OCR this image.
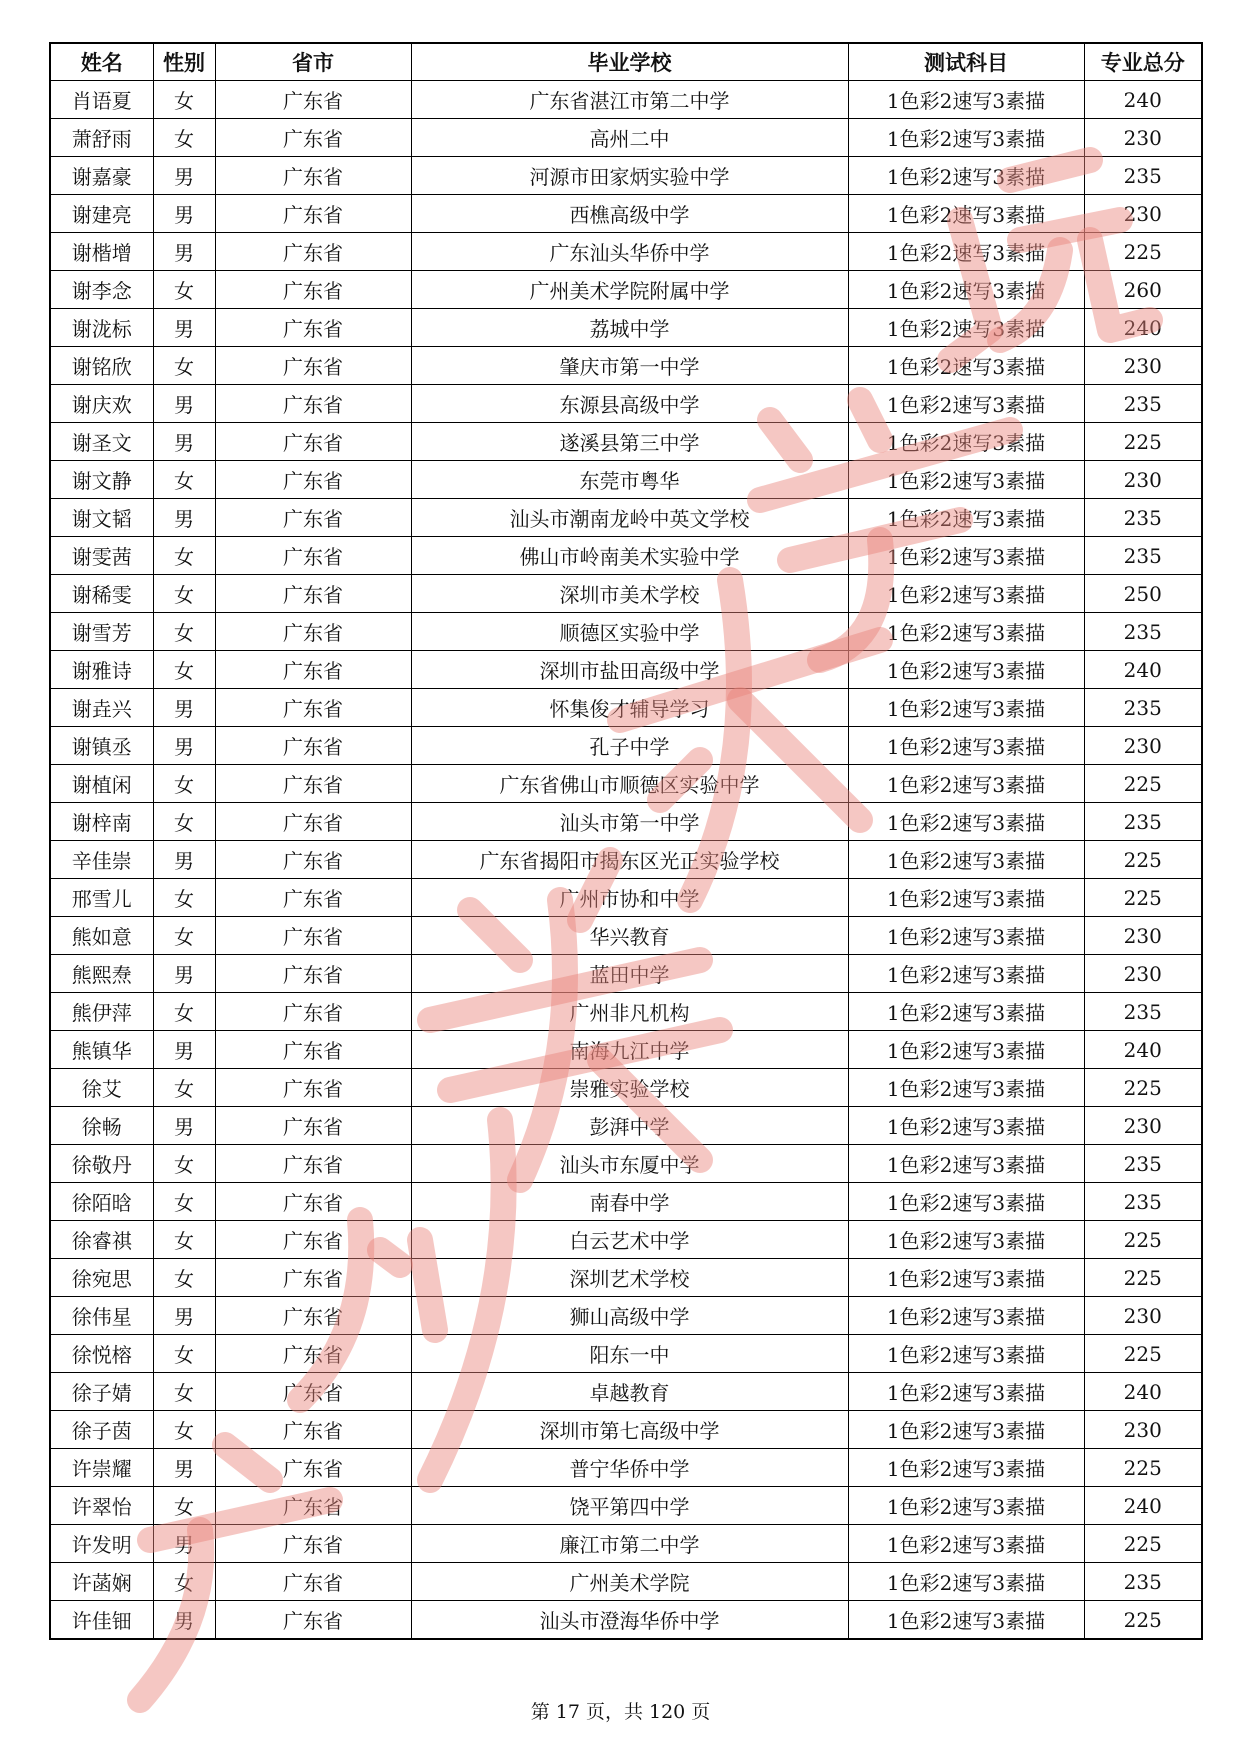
姓名	性别	省市	毕业学校	测试科目	专业总分
肖语夏	女	广东省	广东省湛江市第二中学	1色彩2速写3素描	240
萧舒雨	女	广东省	高州二中	1色彩2速写3素描	230
谢嘉豪	男	广东省	河源市田家炳实验中学	1色彩2速写3素描	235
谢建亮	男	广东省	西樵高级中学	1色彩2速写3素描	230
谢楷增	男	广东省	广东汕头华侨中学	1色彩2速写3素描	225
谢李念	女	广东省	广州美术学院附属中学	1色彩2速写3素描	260
谢泷标	男	广东省	荔城中学	1色彩2速写3素描	240
谢铭欣	女	广东省	肇庆市第一中学	1色彩2速写3素描	230
谢庆欢	男	广东省	东源县高级中学	1色彩2速写3素描	235
谢圣文	男	广东省	遂溪县第三中学	1色彩2速写3素描	225
谢文静	女	广东省	东莞市粤华	1色彩2速写3素描	230
谢文韬	男	广东省	汕头市潮南龙岭中英文学校	1色彩2速写3素描	235
谢雯茜	女	广东省	佛山市岭南美术实验中学	1色彩2速写3素描	235
谢稀雯	女	广东省	深圳市美术学校	1色彩2速写3素描	250
谢雪芳	女	广东省	顺德区实验中学	1色彩2速写3素描	235
谢雅诗	女	广东省	深圳市盐田高级中学	1色彩2速写3素描	240
谢垚兴	男	广东省	怀集俊才辅导学习	1色彩2速写3素描	235
谢镇丞	男	广东省	孔子中学	1色彩2速写3素描	230
谢植闲	女	广东省	广东省佛山市顺德区实验中学	1色彩2速写3素描	225
谢梓南	女	广东省	汕头市第一中学	1色彩2速写3素描	235
辛佳崇	男	广东省	广东省揭阳市揭东区光正实验学校	1色彩2速写3素描	225
邢雪儿	女	广东省	广州市协和中学	1色彩2速写3素描	225
熊如意	女	广东省	华兴教育	1色彩2速写3素描	230
熊熙焘	男	广东省	蓝田中学	1色彩2速写3素描	230
熊伊萍	女	广东省	广州非凡机构	1色彩2速写3素描	235
熊镇华	男	广东省	南海九江中学	1色彩2速写3素描	240
徐艾	女	广东省	崇雅实验学校	1色彩2速写3素描	225
徐畅	男	广东省	彭湃中学	1色彩2速写3素描	230
徐敬丹	女	广东省	汕头市东厦中学	1色彩2速写3素描	235
徐陌晗	女	广东省	南春中学	1色彩2速写3素描	235
徐睿祺	女	广东省	白云艺术中学	1色彩2速写3素描	225
徐宛思	女	广东省	深圳艺术学校	1色彩2速写3素描	225
徐伟星	男	广东省	狮山高级中学	1色彩2速写3素描	230
徐悦榕	女	广东省	阳东一中	1色彩2速写3素描	225
徐子婧	女	广东省	卓越教育	1色彩2速写3素描	240
徐子茵	女	广东省	深圳市第七高级中学	1色彩2速写3素描	230
许崇耀	男	广东省	普宁华侨中学	1色彩2速写3素描	225
许翠怡	女	广东省	饶平第四中学	1色彩2速写3素描	240
许发明	男	广东省	廉江市第二中学	1色彩2速写3素描	225
许菡娴	女	广东省	广州美术学院	1色彩2速写3素描	235
许佳钿	男	广东省	汕头市澄海华侨中学	1色彩2速写3素描	225
第 17 页，共 120 页
